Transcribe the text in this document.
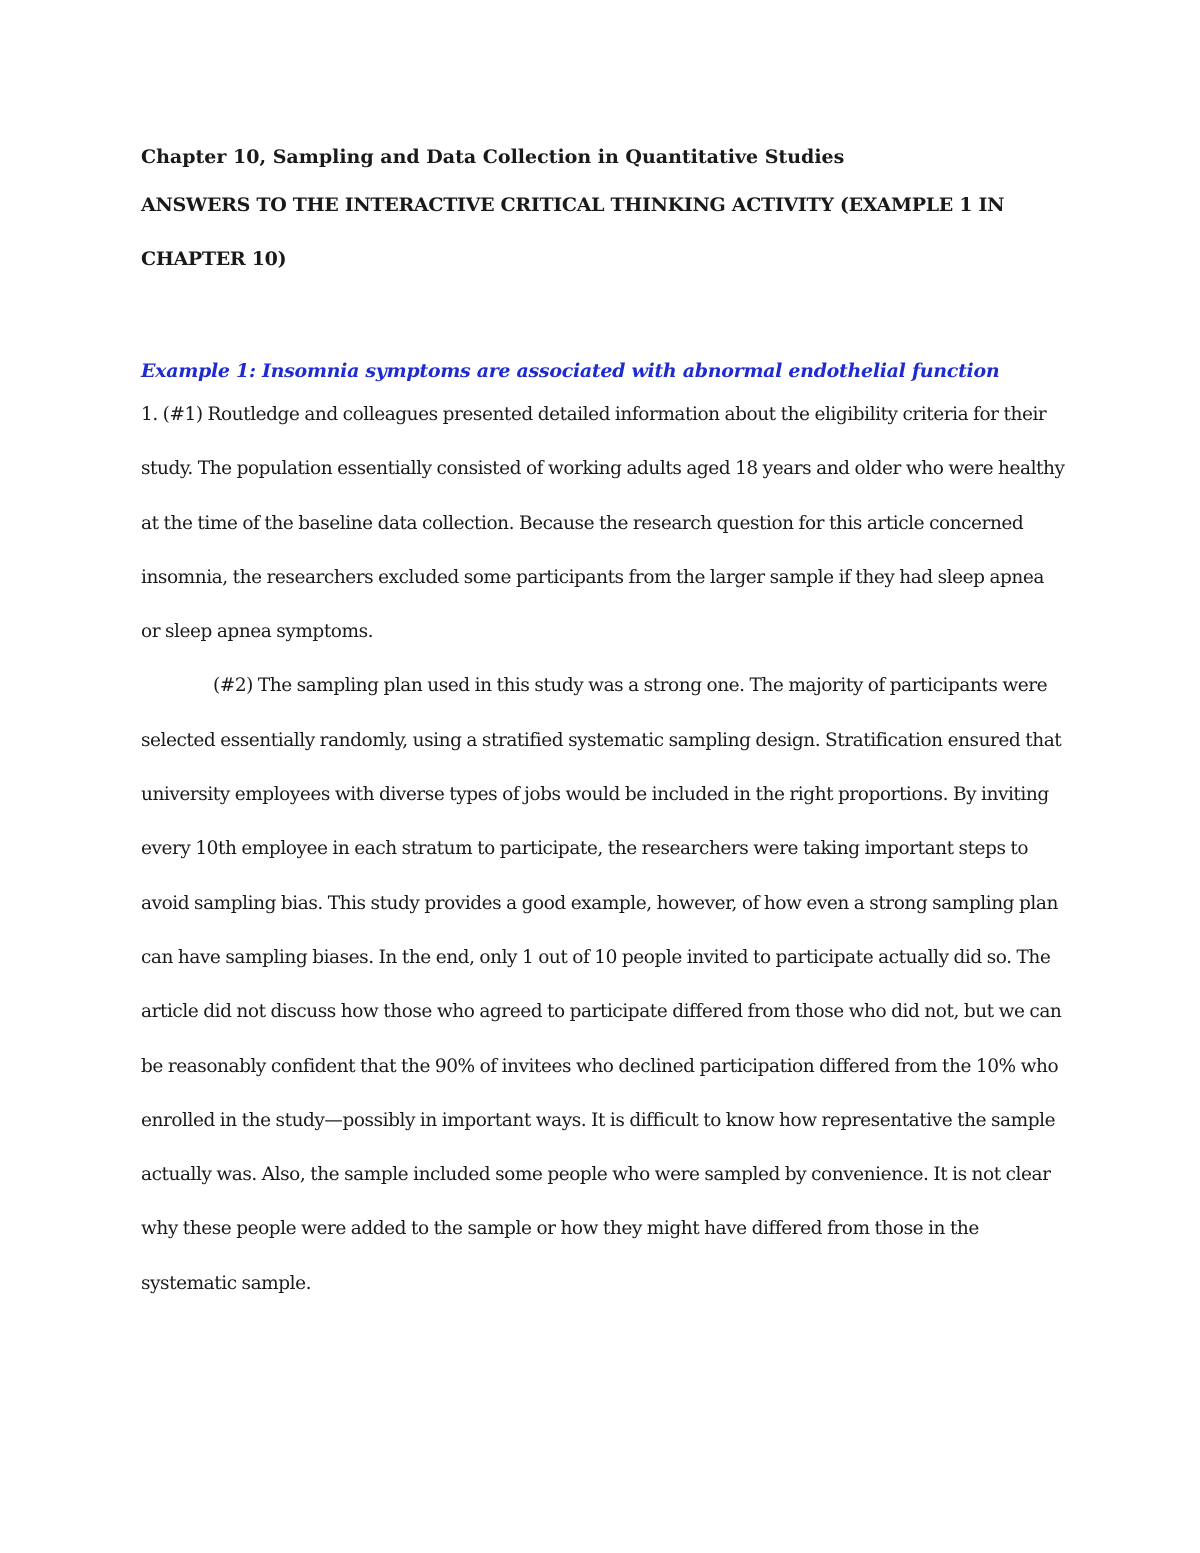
Chapter 10, Sampling and Data Collection in Quantitative Studies

ANSWERS TO THE INTERACTIVE CRITICAL THINKING ACTIVITY (EXAMPLE 1 IN CHAPTER 10)

Example 1: Insomnia symptoms are associated with abnormal endothelial function

1. (#1) Routledge and colleagues presented detailed information about the eligibility criteria for their study. The population essentially consisted of working adults aged 18 years and older who were healthy at the time of the baseline data collection. Because the research question for this article concerned insomnia, the researchers excluded some participants from the larger sample if they had sleep apnea or sleep apnea symptoms.

(#2) The sampling plan used in this study was a strong one. The majority of participants were selected essentially randomly, using a stratified systematic sampling design. Stratification ensured that university employees with diverse types of jobs would be included in the right proportions. By inviting every 10th employee in each stratum to participate, the researchers were taking important steps to avoid sampling bias. This study provides a good example, however, of how even a strong sampling plan can have sampling biases. In the end, only 1 out of 10 people invited to participate actually did so. The article did not discuss how those who agreed to participate differed from those who did not, but we can be reasonably confident that the 90% of invitees who declined participation differed from the 10% who enrolled in the study—possibly in important ways. It is difficult to know how representative the sample actually was. Also, the sample included some people who were sampled by convenience. It is not clear why these people were added to the sample or how they might have differed from those in the systematic sample.
